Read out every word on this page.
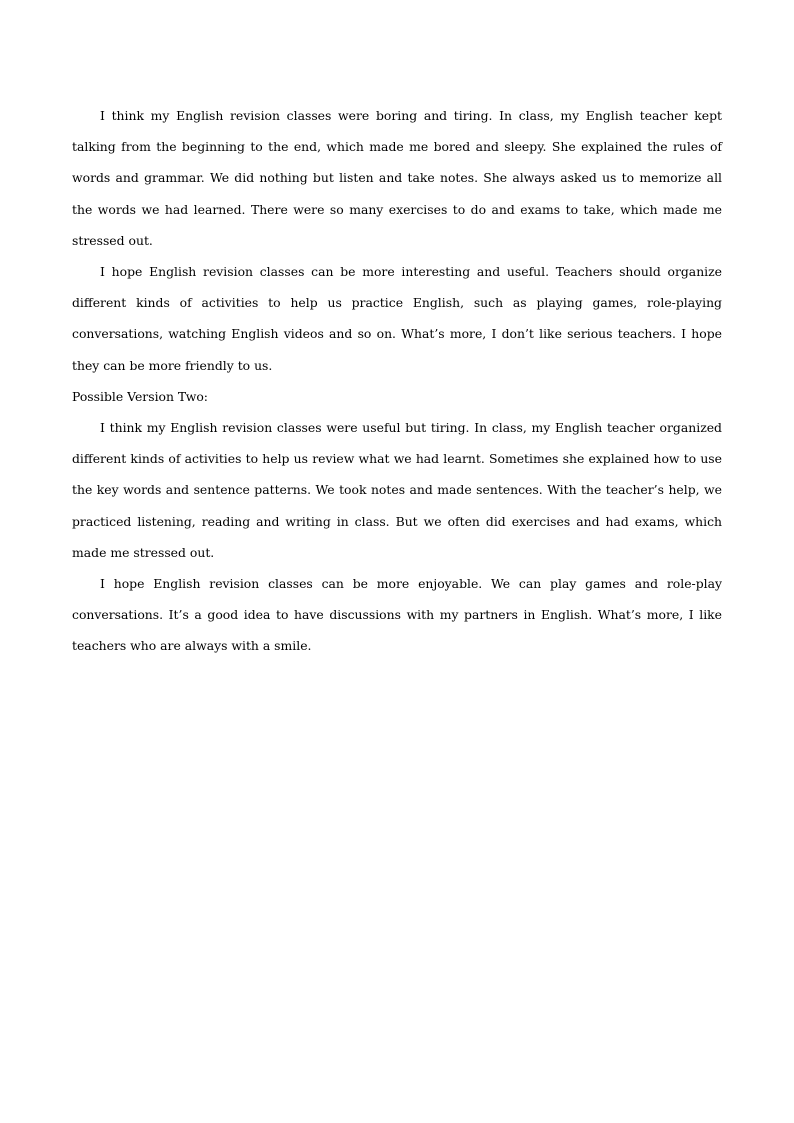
I think my English revision classes were boring and tiring. In class, my English teacher kept talking from the beginning to the end, which made me bored and sleepy. She explained the rules of words and grammar. We did nothing but listen and take notes. She always asked us to memorize all the words we had learned. There were so many exercises to do and exams to take, which made me stressed out.

I hope English revision classes can be more interesting and useful. Teachers should organize different kinds of activities to help us practice English, such as playing games, role-playing conversations, watching English videos and so on. What’s more, I don’t like serious teachers. I hope they can be more friendly to us.

Possible Version Two:

I think my English revision classes were useful but tiring. In class, my English teacher organized different kinds of activities to help us review what we had learnt. Sometimes she explained how to use the key words and sentence patterns. We took notes and made sentences. With the teacher’s help, we practiced listening, reading and writing in class. But we often did exercises and had exams, which made me stressed out.

I hope English revision classes can be more enjoyable. We can play games and role-play conversations. It’s a good idea to have discussions with my partners in English. What’s more, I like teachers who are always with a smile.
